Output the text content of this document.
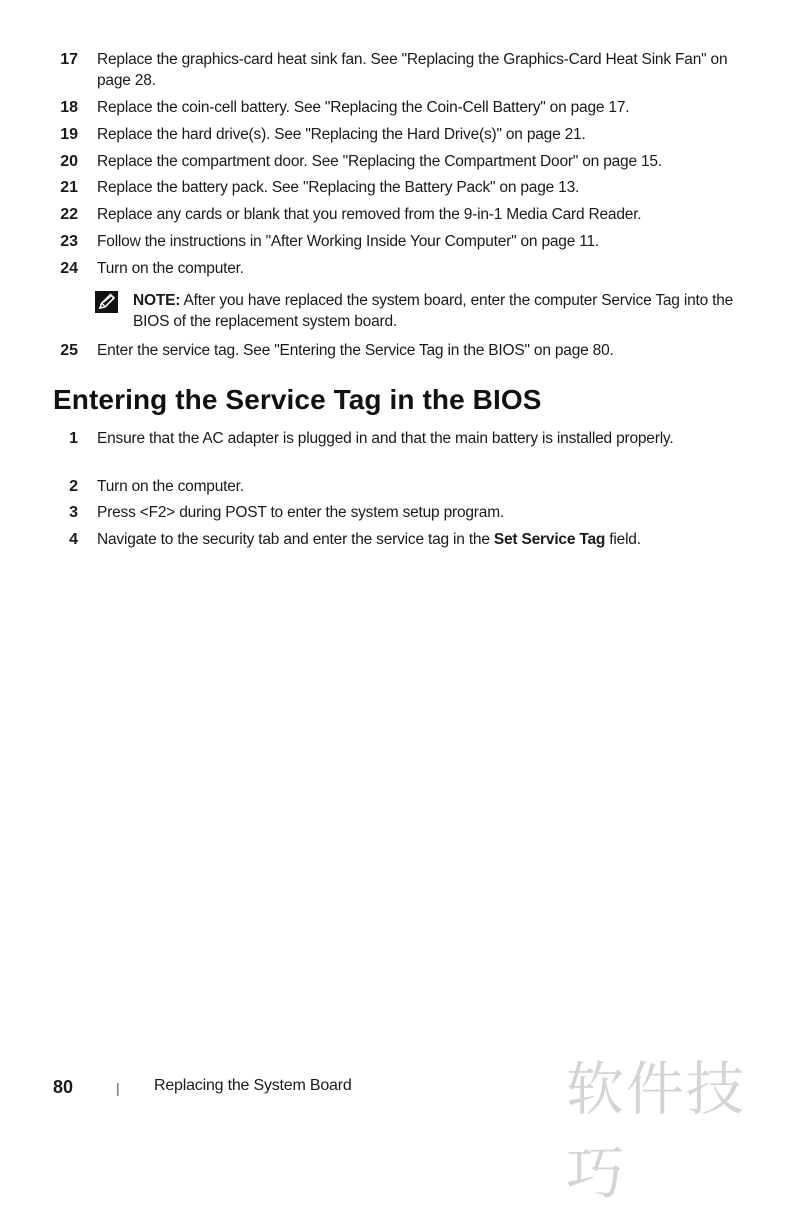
17 Replace the graphics-card heat sink fan. See "Replacing the Graphics-Card Heat Sink Fan" on page 28.
18 Replace the coin-cell battery. See "Replacing the Coin-Cell Battery" on page 17.
19 Replace the hard drive(s). See "Replacing the Hard Drive(s)" on page 21.
20 Replace the compartment door. See "Replacing the Compartment Door" on page 15.
21 Replace the battery pack. See "Replacing the Battery Pack" on page 13.
22 Replace any cards or blank that you removed from the 9-in-1 Media Card Reader.
23 Follow the instructions in "After Working Inside Your Computer" on page 11.
24 Turn on the computer.
NOTE: After you have replaced the system board, enter the computer Service Tag into the BIOS of the replacement system board.
25 Enter the service tag. See "Entering the Service Tag in the BIOS" on page 80.
Entering the Service Tag in the BIOS
1 Ensure that the AC adapter is plugged in and that the main battery is installed properly.
2 Turn on the computer.
3 Press <F2> during POST to enter the system setup program.
4 Navigate to the security tab and enter the service tag in the Set Service Tag field.
80	| Replacing the System Board	软件技巧
